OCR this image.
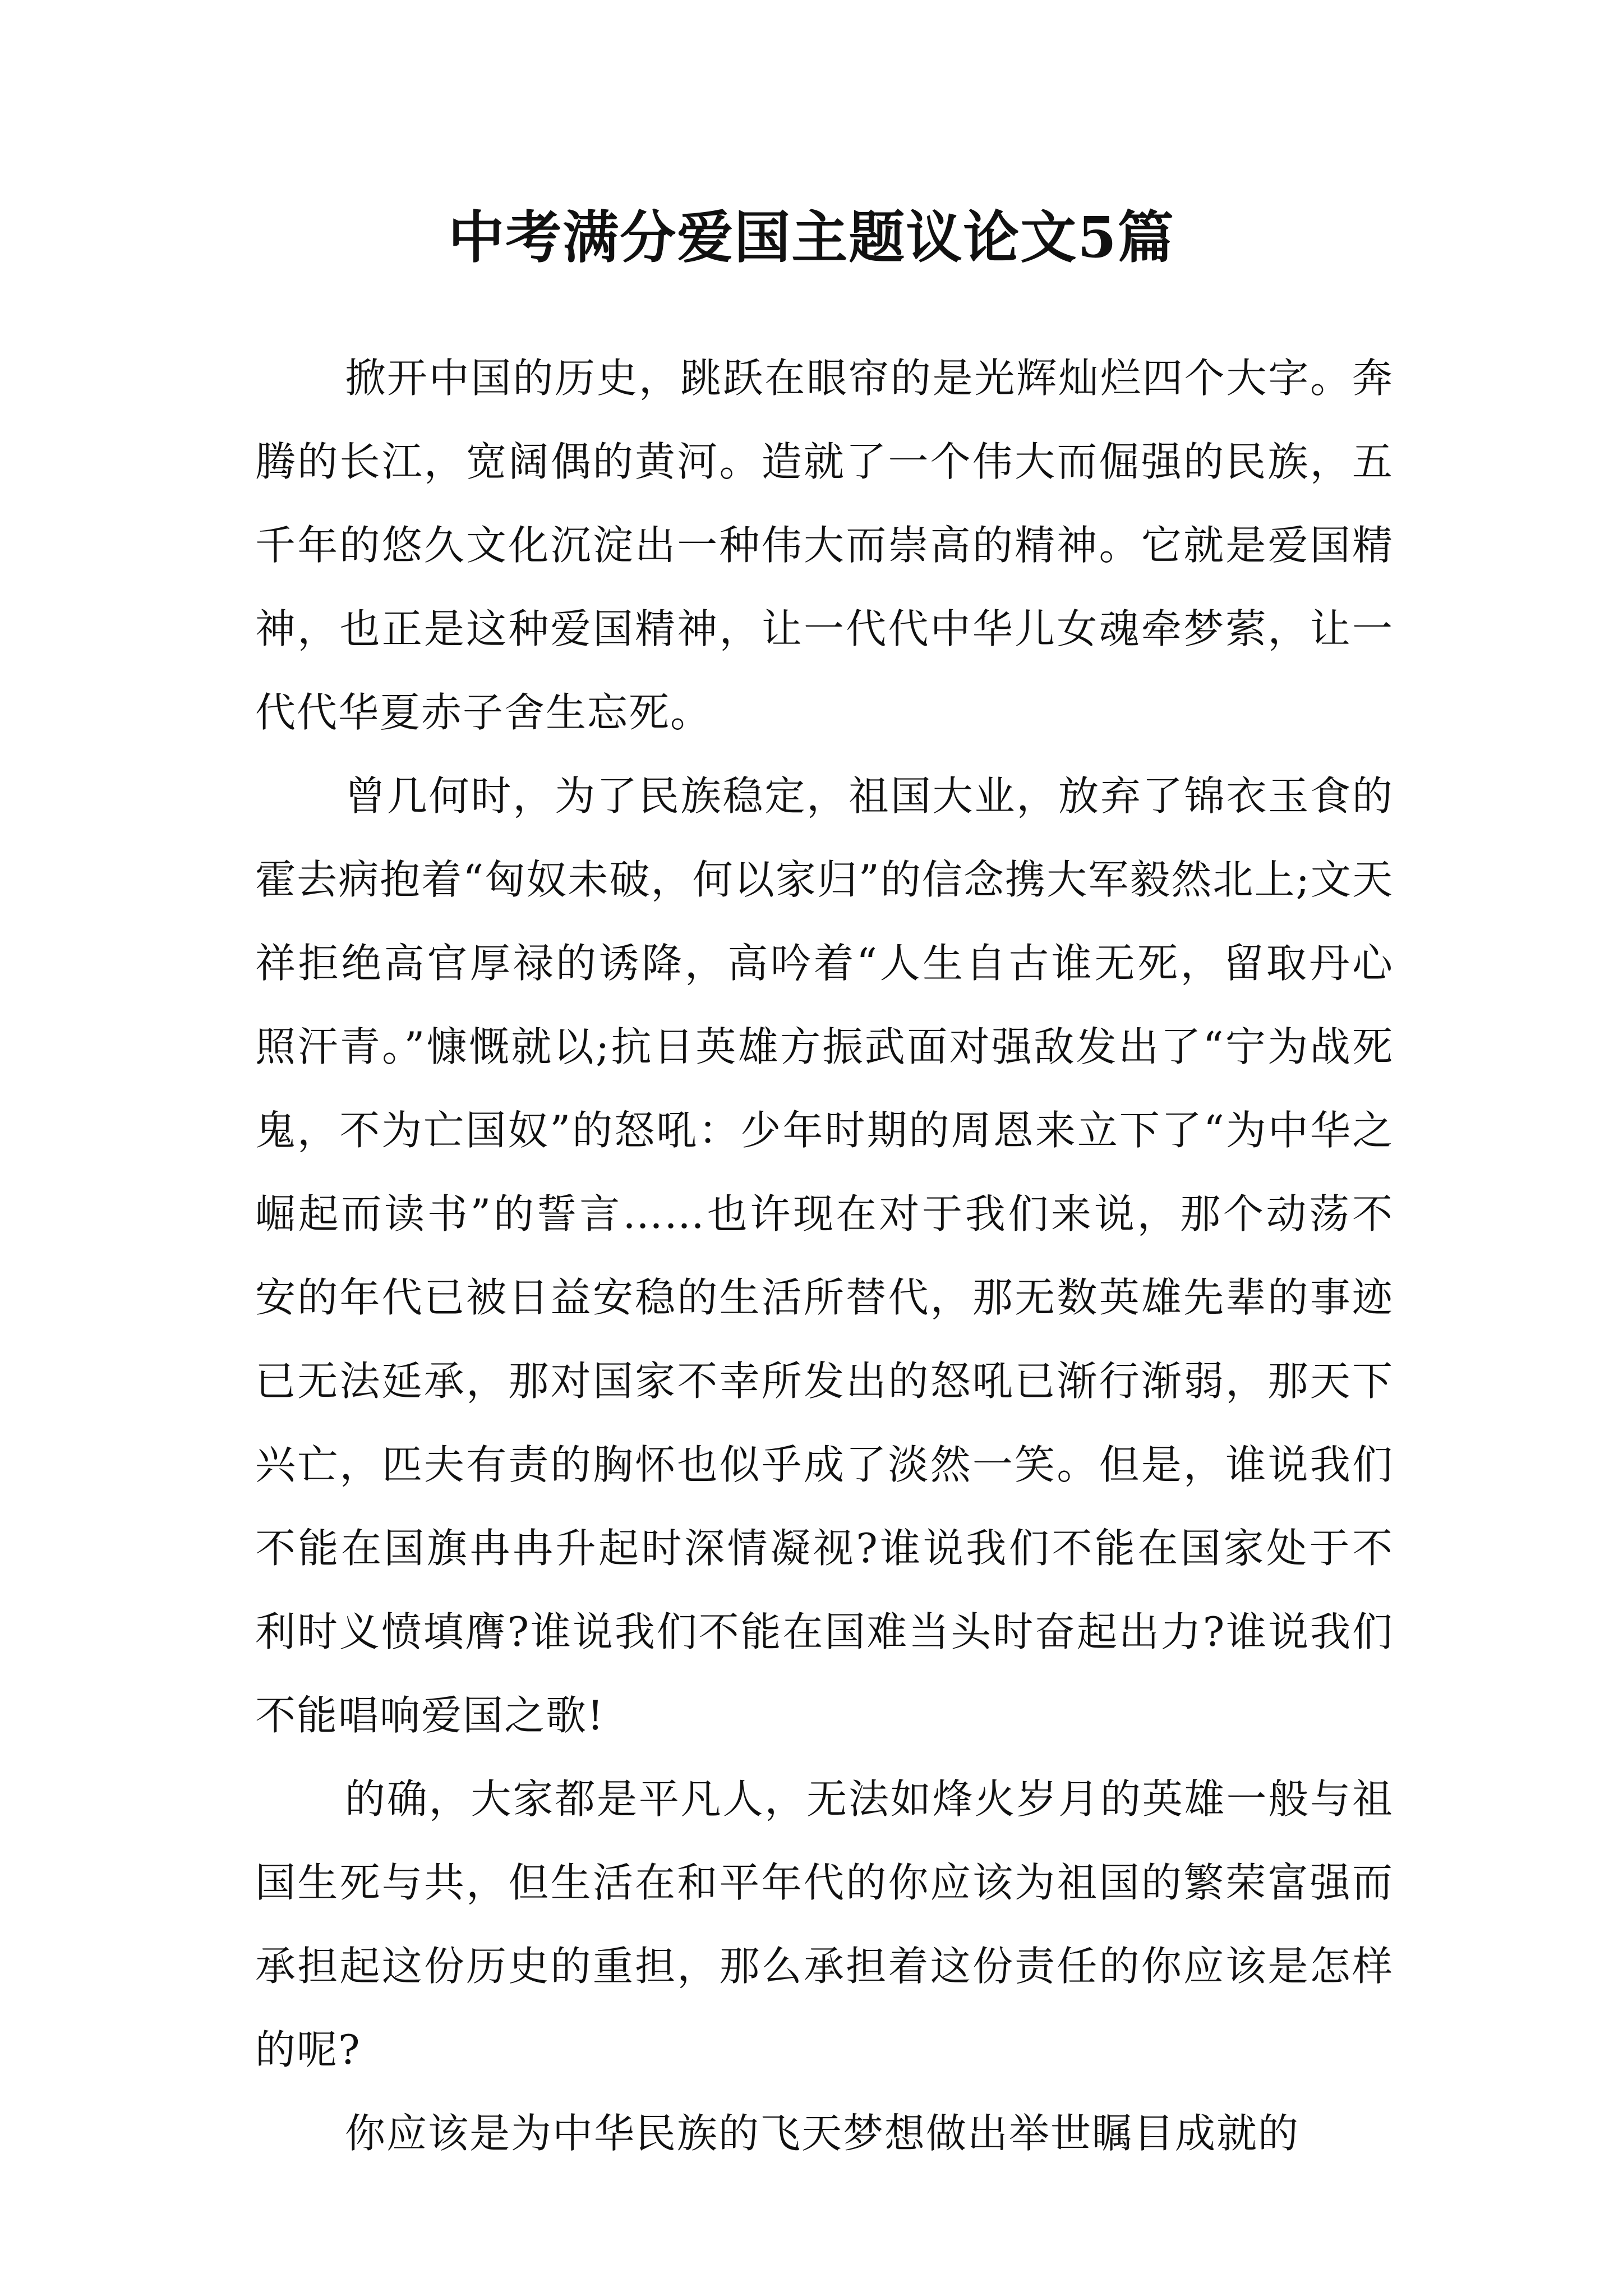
中考满分爱国主题议论文5篇

掀开中国的历史，跳跃在眼帘的是光辉灿烂四个大字。奔腾的长江，宽阔偶的黄河。造就了一个伟大而倔强的民族，五千年的悠久文化沉淀出一种伟大而崇高的精神。它就是爱国精神，也正是这种爱国精神，让一代代中华儿女魂牵梦萦，让一代代华夏赤子舍生忘死。

曾几何时，为了民族稳定，祖国大业，放弃了锦衣玉食的霍去病抱着“匈奴未破，何以家归”的信念携大军毅然北上;文天祥拒绝高官厚禄的诱降，高吟着“人生自古谁无死，留取丹心照汗青。”慷慨就以;抗日英雄方振武面对强敌发出了“宁为战死鬼，不为亡国奴”的怒吼：少年时期的周恩来立下了“为中华之崛起而读书”的誓言……也许现在对于我们来说，那个动荡不安的年代已被日益安稳的生活所替代，那无数英雄先辈的事迹已无法延承，那对国家不幸所发出的怒吼已渐行渐弱，那天下兴亡，匹夫有责的胸怀也似乎成了淡然一笑。但是，谁说我们不能在国旗冉冉升起时深情凝视?谁说我们不能在国家处于不利时义愤填膺?谁说我们不能在国难当头时奋起出力?谁说我们不能唱响爱国之歌!

的确，大家都是平凡人，无法如烽火岁月的英雄一般与祖国生死与共，但生活在和平年代的你应该为祖国的繁荣富强而承担起这份历史的重担，那么承担着这份责任的你应该是怎样的呢?

你应该是为中华民族的飞天梦想做出举世瞩目成就的
